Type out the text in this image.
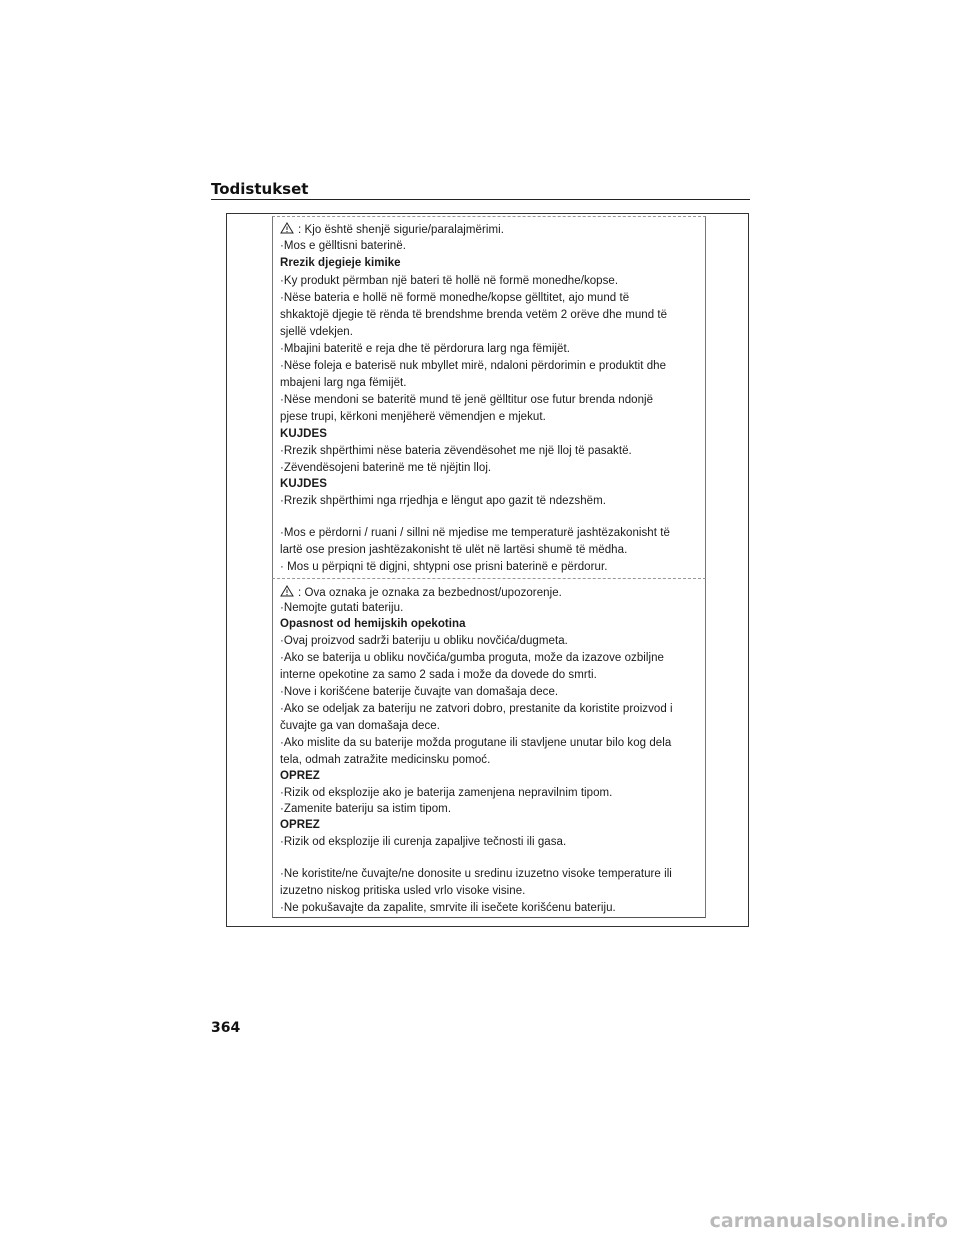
Todistukset
: Kjo është shenjë sigurie/paralajmërimi.
·Mos e gëlltisni baterinë.
Rrezik djegieje kimike
·Ky produkt përmban një bateri të hollë në formë monedhe/kopse.
·Nëse bateria e hollë në formë monedhe/kopse gëlltitet, ajo mund të
shkaktojë djegie të rënda të brendshme brenda vetëm 2 orëve dhe mund të
sjellë vdekjen.
·Mbajini bateritë e reja dhe të përdorura larg nga fëmijët.
·Nëse foleja e baterisë nuk mbyllet mirë, ndaloni përdorimin e produktit dhe
mbajeni larg nga fëmijët.
·Nëse mendoni se bateritë mund të jenë gëlltitur ose futur brenda ndonjë
pjese trupi, kërkoni menjëherë vëmendjen e mjekut.
KUJDES
·Rrezik shpërthimi nëse bateria zëvendësohet me një lloj të pasaktë.
·Zëvendësojeni baterinë me të njëjtin lloj.
KUJDES
·Rrezik shpërthimi nga rrjedhja e lëngut apo gazit të ndezshëm.
·Mos e përdorni / ruani / sillni në mjedise me temperaturë jashtëzakonisht të
lartë ose presion jashtëzakonisht të ulët në lartësi shumë të mëdha.
· Mos u përpiqni të digjni, shtypni ose prisni baterinë e përdorur.
: Ova oznaka je oznaka za bezbednost/upozorenje.
·Nemojte gutati bateriju.
Opasnost od hemijskih opekotina
·Ovaj proizvod sadrži bateriju u obliku novčića/dugmeta.
·Ako se baterija u obliku novčića/gumba proguta, može da izazove ozbiljne
interne opekotine za samo 2 sada i može da dovede do smrti.
·Nove i korišćene baterije čuvajte van domašaja dece.
·Ako se odeljak za bateriju ne zatvori dobro, prestanite da koristite proizvod i
čuvajte ga van domašaja dece.
·Ako mislite da su baterije možda progutane ili stavljene unutar bilo kog dela
tela, odmah zatražite medicinsku pomoć.
OPREZ
·Rizik od eksplozije ako je baterija zamenjena nepravilnim tipom.
·Zamenite bateriju sa istim tipom.
OPREZ
·Rizik od eksplozije ili curenja zapaljive tečnosti ili gasa.
·Ne koristite/ne čuvajte/ne donosite u sredinu izuzetno visoke temperature ili
izuzetno niskog pritiska usled vrlo visoke visine.
·Ne pokušavajte da zapalite, smrvite ili isečete korišćenu bateriju.
364
carmanualsonline.info
